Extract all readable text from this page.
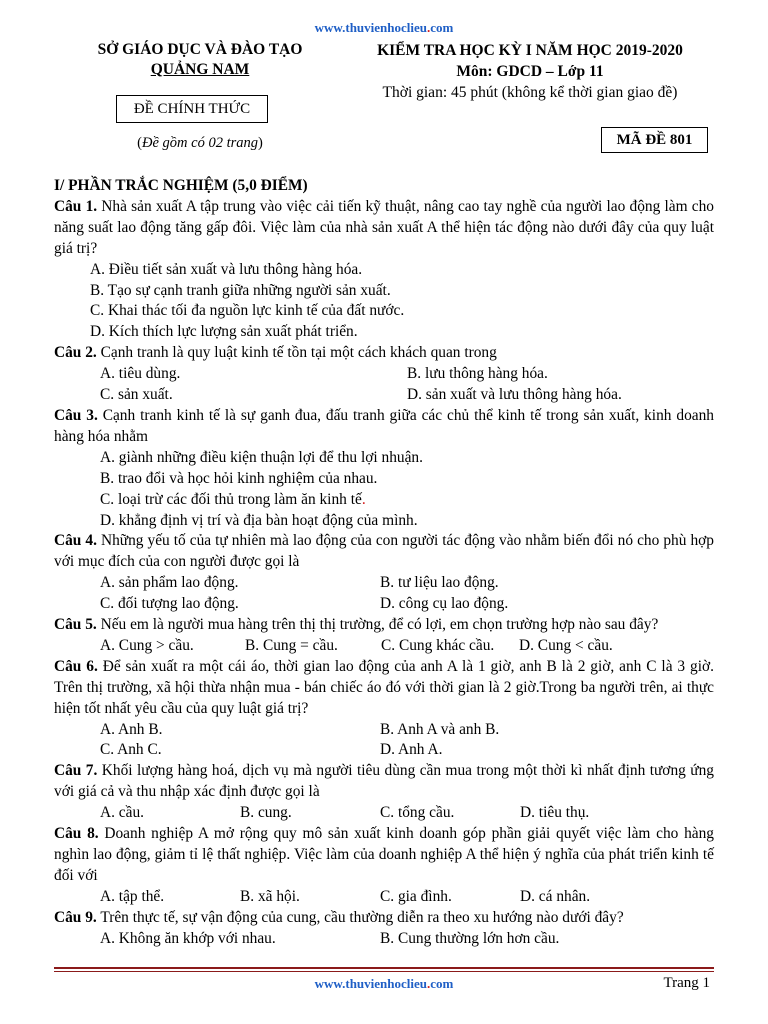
www.thuvienhoclieu.com
SỞ GIÁO DỤC VÀ ĐÀO TẠO
QUẢNG NAM
ĐỀ CHÍNH THỨC
(Đề gồm có 02 trang)
KIỂM TRA HỌC KỲ I NĂM HỌC 2019-2020
Môn: GDCD – Lớp 11
Thời gian: 45 phút (không kể thời gian giao đề)
MÃ ĐỀ 801

I/ PHẦN TRẮC NGHIỆM (5,0 ĐIỂM)

Câu 1. Nhà sản xuất A tập trung vào việc cải tiến kỹ thuật, nâng cao tay nghề của người lao động làm cho năng suất lao động tăng gấp đôi. Việc làm của nhà sản xuất A thể hiện tác động nào dưới đây của quy luật giá trị?

A. Điều tiết sản xuất và lưu thông hàng hóa.

B. Tạo sự cạnh tranh giữa những người sản xuất.

C. Khai thác tối đa nguồn lực kinh tế của đất nước.

D. Kích thích lực lượng sản xuất phát triển.

Câu 2. Cạnh tranh là quy luật kinh tế tồn tại một cách khách quan trong

A. tiêu dùng.	B. lưu thông hàng hóa.
C. sản xuất.	D. sản xuất và lưu thông hàng hóa.

Câu 3. Cạnh tranh kinh tế là sự ganh đua, đấu tranh giữa các chủ thể kinh tế trong sản xuất, kinh doanh hàng hóa nhằm

A. giành những điều kiện thuận lợi để thu lợi nhuận.

B. trao đổi và học hỏi kinh nghiệm của nhau.

C. loại trừ các đối thủ trong làm ăn kinh tế.

D. khẳng định vị trí và địa bàn hoạt động của mình.

Câu 4. Những yếu tố của tự nhiên mà lao động của con người tác động vào nhằm biến đổi nó cho phù hợp với mục đích của con người được gọi là

A. sản phẩm lao động.	B. tư liệu lao động.
C. đối tượng lao động.	D. công cụ lao động.

Câu 5. Nếu em là người mua hàng trên thị thị trường, để có lợi, em chọn trường hợp nào sau đây?

A. Cung > cầu.	B. Cung = cầu.	C. Cung khác cầu.	D. Cung < cầu.

Câu 6. Để sản xuất ra một cái áo, thời gian lao động của anh A là 1 giờ, anh B là 2 giờ, anh C là 3 giờ. Trên thị trường, xã hội thừa nhận mua - bán chiếc áo đó với thời gian là 2 giờ.Trong ba người trên, ai thực hiện tốt nhất yêu cầu của quy luật giá trị?

A. Anh B.	B. Anh A và anh B.
C. Anh C.	D. Anh A.

Câu 7. Khối lượng hàng hoá, dịch vụ mà người tiêu dùng cần mua trong một thời kì nhất định tương ứng với giá cả và thu nhập xác định được gọi là

A. cầu.	B. cung.	C. tổng cầu.	D. tiêu thụ.

Câu 8. Doanh nghiệp A mở rộng quy mô sản xuất kinh doanh góp phần giải quyết việc làm cho hàng nghìn lao động, giảm tỉ lệ thất nghiệp. Việc làm của doanh nghiệp A thể hiện ý nghĩa của phát triển kinh tế đối với

A. tập thể.	B. xã hội.	C. gia đình.	D. cá nhân.

Câu 9. Trên thực tế, sự vận động của cung, cầu thường diễn ra theo xu hướng nào dưới đây?

A. Không ăn khớp với nhau.	B. Cung thường lớn hơn cầu.
www.thuvienhoclieu.com	Trang 1
